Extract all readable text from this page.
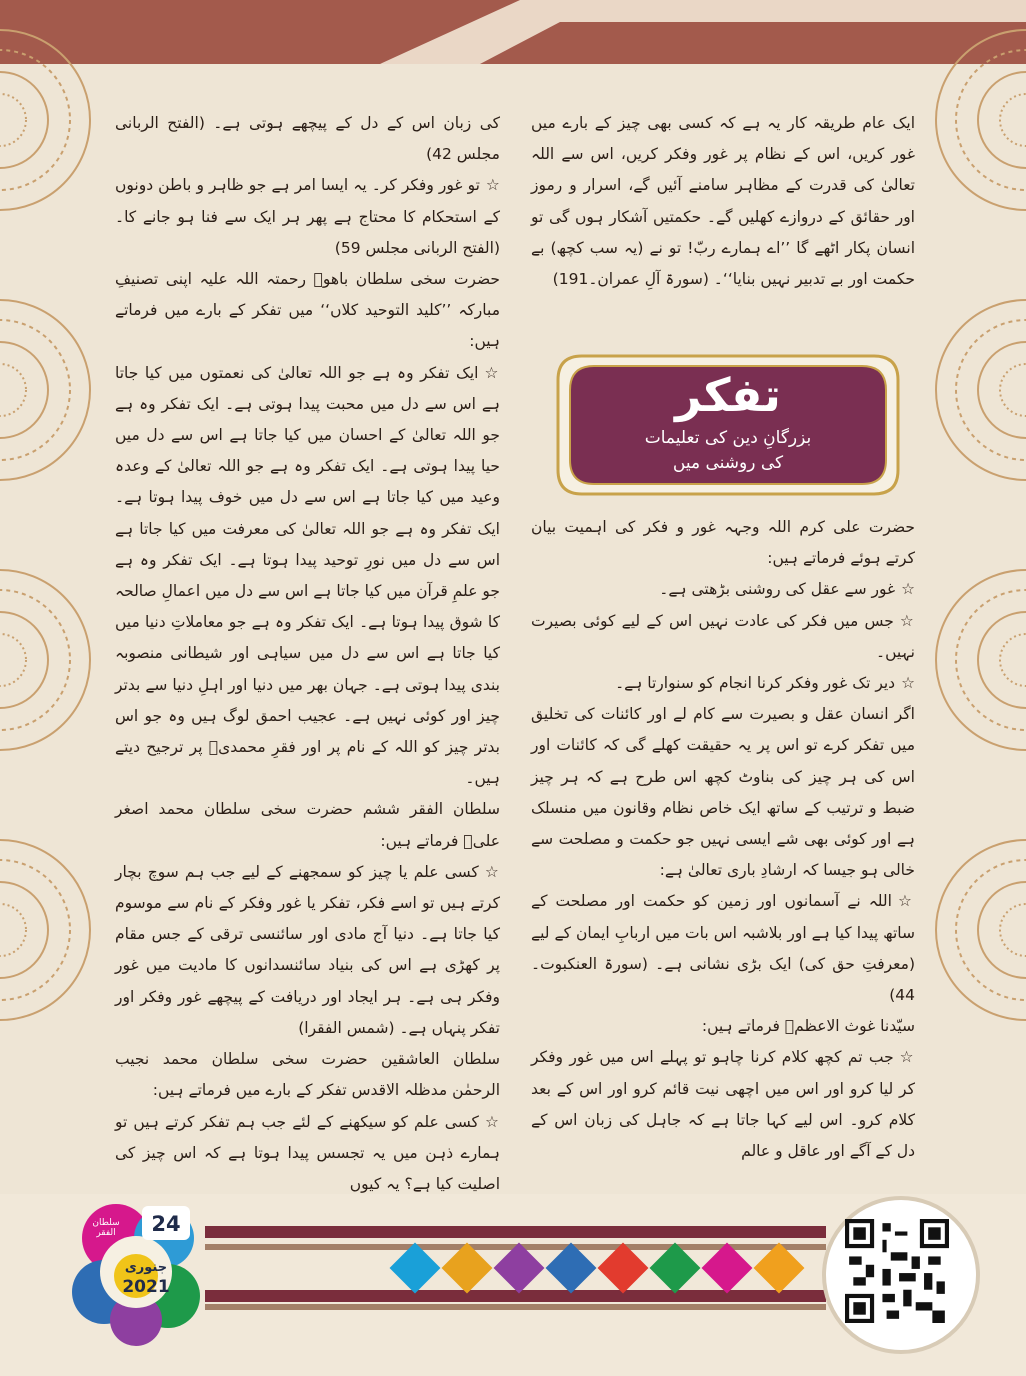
ایک عام طریقہ کار یہ ہے کہ کسی بھی چیز کے بارے میں غور کریں، اس کے نظام پر غور وفکر کریں، اس سے اللہ تعالیٰ کی قدرت کے مظاہر سامنے آئیں گے، اسرار و رموز اور حقائق کے دروازے کھلیں گے۔ حکمتیں آشکار ہوں گی تو انسان پکار اٹھے گا ’’اے ہمارے ربّ! تو نے (یہ سب کچھ) بے حکمت اور بے تدبیر نہیں بنایا‘‘۔ (سورۃ آلِ عمران۔191)

تفکر
بزرگانِ دین کی تعلیمات
کی روشنی میں

حضرت علی کرم اللہ وجہہ غور و فکر کی اہمیت بیان کرتے ہوئے فرماتے ہیں:

☆غور سے عقل کی روشنی بڑھتی ہے۔

☆جس میں فکر کی عادت نہیں اس کے لیے کوئی بصیرت نہیں۔

☆دیر تک غور وفکر کرنا انجام کو سنوارتا ہے۔

اگر انسان عقل و بصیرت سے کام لے اور کائنات کی تخلیق میں تفکر کرے تو اس پر یہ حقیقت کھلے گی کہ کائنات اور اس کی ہر چیز کی بناوٹ کچھ اس طرح ہے کہ ہر چیز ضبط و ترتیب کے ساتھ ایک خاص نظام وقانون میں منسلک ہے اور کوئی بھی شے ایسی نہیں جو حکمت و مصلحت سے خالی ہو جیسا کہ ارشادِ باری تعالیٰ ہے:

☆اللہ نے آسمانوں اور زمین کو حکمت اور مصلحت کے ساتھ پیدا کیا ہے اور بلاشبہ اس بات میں اربابِ ایمان کے لیے (معرفتِ حق کی) ایک بڑی نشانی ہے۔ (سورۃ العنکبوت۔44)

سیّدنا غوث الاعظمؓ فرماتے ہیں:

☆جب تم کچھ کلام کرنا چاہو تو پہلے اس میں غور وفکر کر لیا کرو اور اس میں اچھی نیت قائم کرو اور اس کے بعد کلام کرو۔ اس لیے کہا جاتا ہے کہ جاہل کی زبان اس کے دل کے آگے اور عاقل و عالم

کی زبان اس کے دل کے پیچھے ہوتی ہے۔ (الفتح الربانی مجلس 42)

☆تو غور وفکر کر۔ یہ ایسا امر ہے جو ظاہر و باطن دونوں کے استحکام کا محتاج ہے پھر ہر ایک سے فنا ہو جانے کا۔ (الفتح الربانی مجلس 59)

حضرت سخی سلطان باھوؒ رحمتہ اللہ علیہ اپنی تصنیفِ مبارکہ ’’کلید التوحید کلاں‘‘ میں تفکر کے بارے میں فرماتے ہیں:

☆ایک تفکر وہ ہے جو اللہ تعالیٰ کی نعمتوں میں کیا جاتا ہے اس سے دل میں محبت پیدا ہوتی ہے۔ ایک تفکر وہ ہے جو اللہ تعالیٰ کے احسان میں کیا جاتا ہے اس سے دل میں حیا پیدا ہوتی ہے۔ ایک تفکر وہ ہے جو اللہ تعالیٰ کے وعدہ وعید میں کیا جاتا ہے اس سے دل میں خوف پیدا ہوتا ہے۔ ایک تفکر وہ ہے جو اللہ تعالیٰ کی معرفت میں کیا جاتا ہے اس سے دل میں نورِ توحید پیدا ہوتا ہے۔ ایک تفکر وہ ہے جو علمِ قرآن میں کیا جاتا ہے اس سے دل میں اعمالِ صالحہ کا شوق پیدا ہوتا ہے۔ ایک تفکر وہ ہے جو معاملاتِ دنیا میں کیا جاتا ہے اس سے دل میں سیاہی اور شیطانی منصوبہ بندی پیدا ہوتی ہے۔ جہان بھر میں دنیا اور اہلِ دنیا سے بدتر چیز اور کوئی نہیں ہے۔ عجیب احمق لوگ ہیں وہ جو اس بدتر چیز کو اللہ کے نام پر اور فقرِ محمدیؐ پر ترجیح دیتے ہیں۔

سلطان الفقر ششم حضرت سخی سلطان محمد اصغر علیؒ فرماتے ہیں:

☆کسی علم یا چیز کو سمجھنے کے لیے جب ہم سوچ بچار کرتے ہیں تو اسے فکر، تفکر یا غور وفکر کے نام سے موسوم کیا جاتا ہے۔ دنیا آج مادی اور سائنسی ترقی کے جس مقام پر کھڑی ہے اس کی بنیاد سائنسدانوں کا مادیت میں غور وفکر ہی ہے۔ ہر ایجاد اور دریافت کے پیچھے غور وفکر اور تفکر پنہاں ہے۔ (شمس الفقرا)

سلطان العاشقین حضرت سخی سلطان محمد نجیب الرحمٰن مدظلہ الاقدس تفکر کے بارے میں فرماتے ہیں:

☆کسی علم کو سیکھنے کے لئے جب ہم تفکر کرتے ہیں تو ہمارے ذہن میں یہ تجسس پیدا ہوتا ہے کہ اس چیز کی اصلیت کیا ہے؟ یہ کیوں

سلطان الفقر	24
جنوری
2021
